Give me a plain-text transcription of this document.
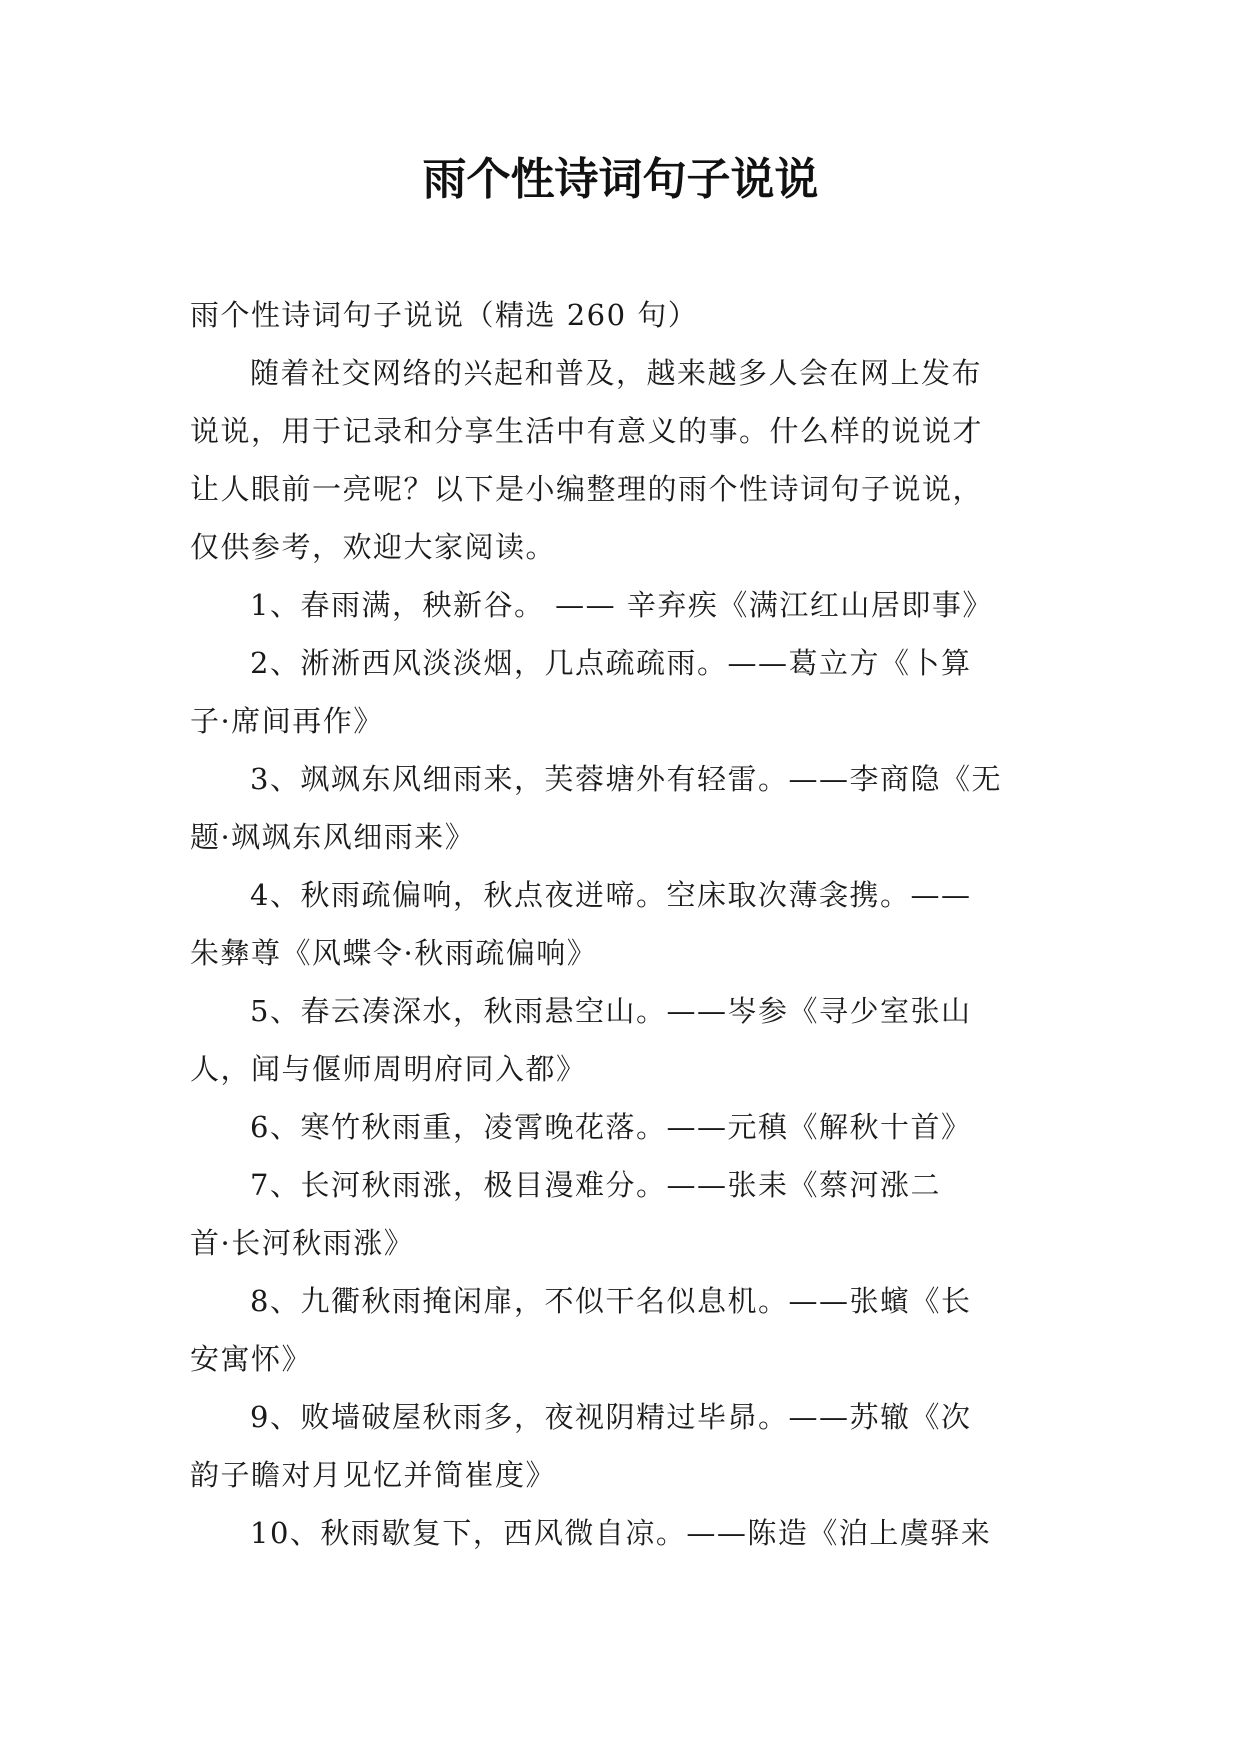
雨个性诗词句子说说
雨个性诗词句子说说（精选 260 句）
随着社交网络的兴起和普及，越来越多人会在网上发布
说说，用于记录和分享生活中有意义的事。什么样的说说才
让人眼前一亮呢？以下是小编整理的雨个性诗词句子说说，
仅供参考，欢迎大家阅读。
1、春雨满，秧新谷。 —— 辛弃疾《满江红山居即事》
2、淅淅西风淡淡烟，几点疏疏雨。——葛立方《卜算
子·席间再作》
3、飒飒东风细雨来，芙蓉塘外有轻雷。——李商隐《无
题·飒飒东风细雨来》
4、秋雨疏偏响，秋点夜迸啼。空床取次薄衾携。——
朱彝尊《风蝶令·秋雨疏偏响》
5、春云凑深水，秋雨悬空山。——岑参《寻少室张山
人，闻与偃师周明府同入都》
6、寒竹秋雨重，凌霄晚花落。——元稹《解秋十首》
7、长河秋雨涨，极目漫难分。——张耒《蔡河涨二
首·长河秋雨涨》
8、九衢秋雨掩闲扉，不似干名似息机。——张蠙《长
安寓怀》
9、败墙破屋秋雨多，夜视阴精过毕昴。——苏辙《次
韵子瞻对月见忆并简崔度》
10、秋雨歇复下，西风微自凉。——陈造《泊上虞驿来
